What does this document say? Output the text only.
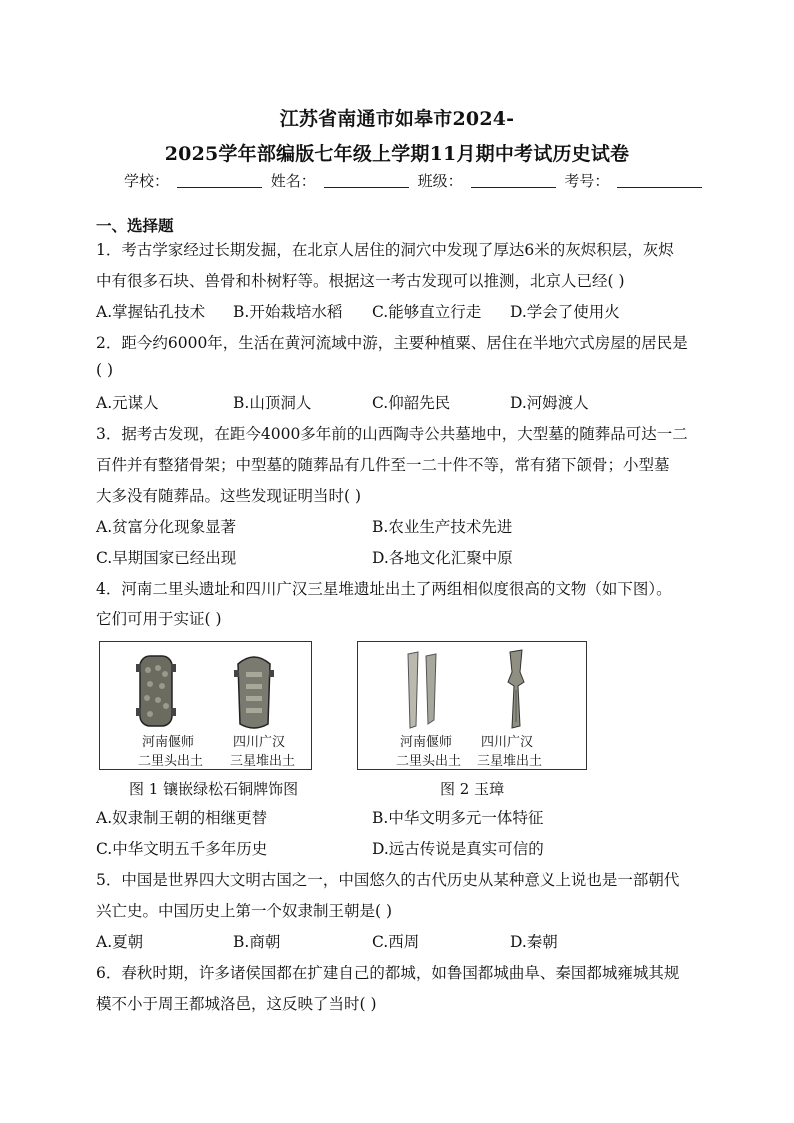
江苏省南通市如皋市2024-
2025学年部编版七年级上学期11月期中考试历史试卷
学校：	姓名：	班级：	考号：
一、选择题
1．考古学家经过长期发掘，在北京人居住的洞穴中发现了厚达6米的灰烬积层，灰烬
中有很多石块、兽骨和朴树籽等。根据这一考古发现可以推测，北京人已经( )
A.掌握钻孔技术 B.开始栽培水稻 C.能够直立行走 D.学会了使用火
2．距今约6000年，生活在黄河流域中游，主要种植粟、居住在半地穴式房屋的居民是
( )
A.元谋人	B.山顶洞人	C.仰韶先民	D.河姆渡人
3．据考古发现，在距今4000多年前的山西陶寺公共墓地中，大型墓的随葬品可达一二
百件并有整猪骨架；中型墓的随葬品有几件至一二十件不等，常有猪下颌骨；小型墓
大多没有随葬品。这些发现证明当时( )
A.贫富分化现象显著	B.农业生产技术先进
C.早期国家已经出现	D.各地文化汇聚中原
4．河南二里头遗址和四川广汉三星堆遗址出土了两组相似度很高的文物（如下图）。
它们可用于实证( )
河南偃师
二里头出土
四川广汉
三星堆出土
河南偃师
二里头出土
四川广汉
三星堆出土
图 1 镶嵌绿松石铜牌饰图	图 2 玉璋
A.奴隶制王朝的相继更替	B.中华文明多元一体特征
C.中华文明五千多年历史	D.远古传说是真实可信的
5．中国是世界四大文明古国之一，中国悠久的古代历史从某种意义上说也是一部朝代
兴亡史。中国历史上第一个奴隶制王朝是( )
A.夏朝	B.商朝	C.西周	D.秦朝
6．春秋时期，许多诸侯国都在扩建自己的都城，如鲁国都城曲阜、秦国都城雍城其规
模不小于周王都城洛邑，这反映了当时( )
